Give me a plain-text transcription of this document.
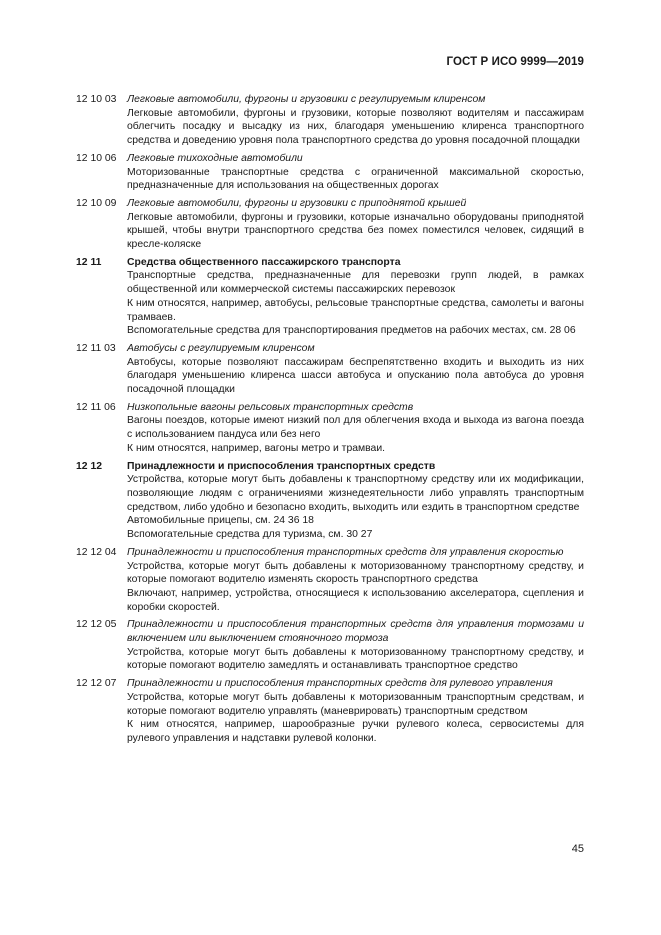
ГОСТ Р ИСО 9999—2019
12 10 03	Легковые автомобили, фургоны и грузовики с регулируемым клиренсом
Легковые автомобили, фургоны и грузовики, которые позволяют водителям и пассажирам облегчить посадку и высадку из них, благодаря уменьшению клиренса транспортного средства и доведению уровня пола транспортного средства до уровня посадочной площадки
12 10 06	Легковые тихоходные автомобили
Моторизованные транспортные средства с ограниченной максимальной скоростью, предназначенные для использования на общественных дорогах
12 10 09	Легковые автомобили, фургоны и грузовики с приподнятой крышей
Легковые автомобили, фургоны и грузовики, которые изначально оборудованы приподнятой крышей, чтобы внутри транспортного средства без помех поместился человек, сидящий в кресле-коляске
12 11	Средства общественного пассажирского транспорта
Транспортные средства, предназначенные для перевозки групп людей, в рамках общественной или коммерческой системы пассажирских перевозок
К ним относятся, например, автобусы, рельсовые транспортные средства, самолеты и вагоны трамваев.
Вспомогательные средства для транспортирования предметов на рабочих местах, см. 28 06
12 11 03	Автобусы с регулируемым клиренсом
Автобусы, которые позволяют пассажирам беспрепятственно входить и выходить из них благодаря уменьшению клиренса шасси автобуса и опусканию пола автобуса до уровня посадочной площадки
12 11 06	Низкопольные вагоны рельсовых транспортных средств
Вагоны поездов, которые имеют низкий пол для облегчения входа и выхода из вагона поезда с использованием пандуса или без него
К ним относятся, например, вагоны метро и трамваи.
12 12	Принадлежности и приспособления транспортных средств
Устройства, которые могут быть добавлены к транспортному средству или их модификации, позволяющие людям с ограничениями жизнедеятельности либо управлять транспортным средством, либо удобно и безопасно входить, выходить или ездить в транспортном средстве
Автомобильные прицепы, см. 24 36 18
Вспомогательные средства для туризма, см. 30 27
12 12 04	Принадлежности и приспособления транспортных средств для управления скоростью
Устройства, которые могут быть добавлены к моторизованному транспортному средству, и которые помогают водителю изменять скорость транспортного средства
Включают, например, устройства, относящиеся к использованию акселератора, сцепления и коробки скоростей.
12 12 05	Принадлежности и приспособления транспортных средств для управления тормозами и включением или выключением стояночного тормоза
Устройства, которые могут быть добавлены к моторизованному транспортному средству, и которые помогают водителю замедлять и останавливать транспортное средство
12 12 07	Принадлежности и приспособления транспортных средств для рулевого управления
Устройства, которые могут быть добавлены к моторизованным транспортным средствам, и которые помогают водителю управлять (маневрировать) транспортным средством
К ним относятся, например, шарообразные ручки рулевого колеса, сервосистемы для рулевого управления и надставки рулевой колонки.
45
